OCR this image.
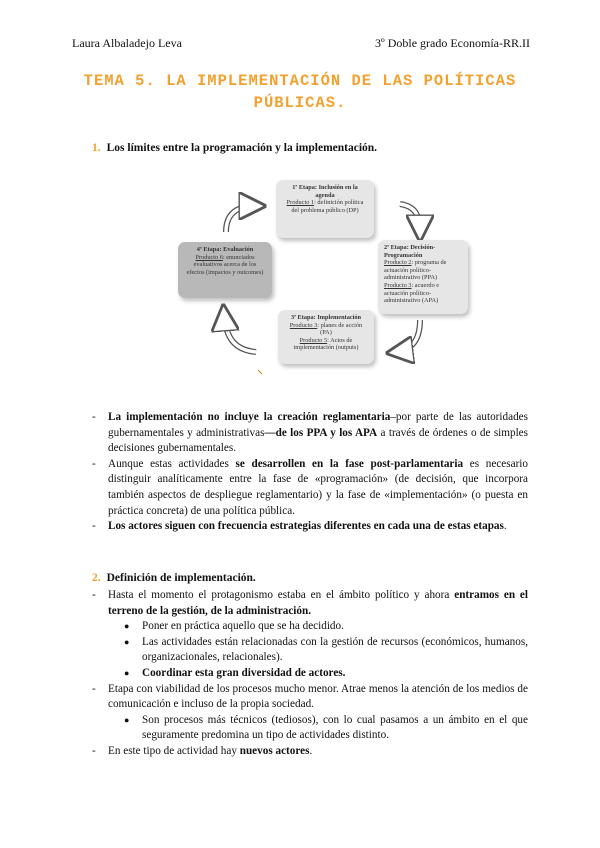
Laura Albaladejo Leva	3º Doble grado Economía-RR.II
TEMA 5. LA IMPLEMENTACIÓN DE LAS POLÍTICAS
PÚBLICAS.
1. Los límites entre la programación y la implementación.
1ª Etapa: Inclusión en la agenda
Producto 1: definición política del problema público (DP)
2ª Etapa: Decisión-Programación
Producto 2: programa de actuación político-administrativo (PPA)
Producto 3: acuerdo e actuación político-administrativo (APA)
3ª Etapa: Implementación
Producto 3: planes de acción (PA)
Producto 5: Actos de implementación (outputs)
4ª Etapa: Evaluación
Producto 6: enunciados evaluativos acerca de los efectos (impactos y outcomes)
- La implementación no incluye la creación reglamentaria–por parte de las autoridades gubernamentales y administrativas—de los PPA y los APA a través de órdenes o de simples decisiones gubernamentales.
- Aunque estas actividades se desarrollen en la fase post-parlamentaria es necesario distinguir analíticamente entre la fase de «programación» (de decisión, que incorpora también aspectos de despliegue reglamentario) y la fase de «implementación» (o puesta en práctica concreta) de una política pública.
- Los actores siguen con frecuencia estrategias diferentes en cada una de estas etapas.
2. Definición de implementación.
- Hasta el momento el protagonismo estaba en el ámbito político y ahora entramos en el terreno de la gestión, de la administración.
● Poner en práctica aquello que se ha decidido.
● Las actividades están relacionadas con la gestión de recursos (económicos, humanos, organizacionales, relacionales).
● Coordinar esta gran diversidad de actores.
- Etapa con viabilidad de los procesos mucho menor. Atrae menos la atención de los medios de comunicación e incluso de la propia sociedad.
● Son procesos más técnicos (tediosos), con lo cual pasamos a un ámbito en el que seguramente predomina un tipo de actividades distinto.
- En este tipo de actividad hay nuevos actores.
